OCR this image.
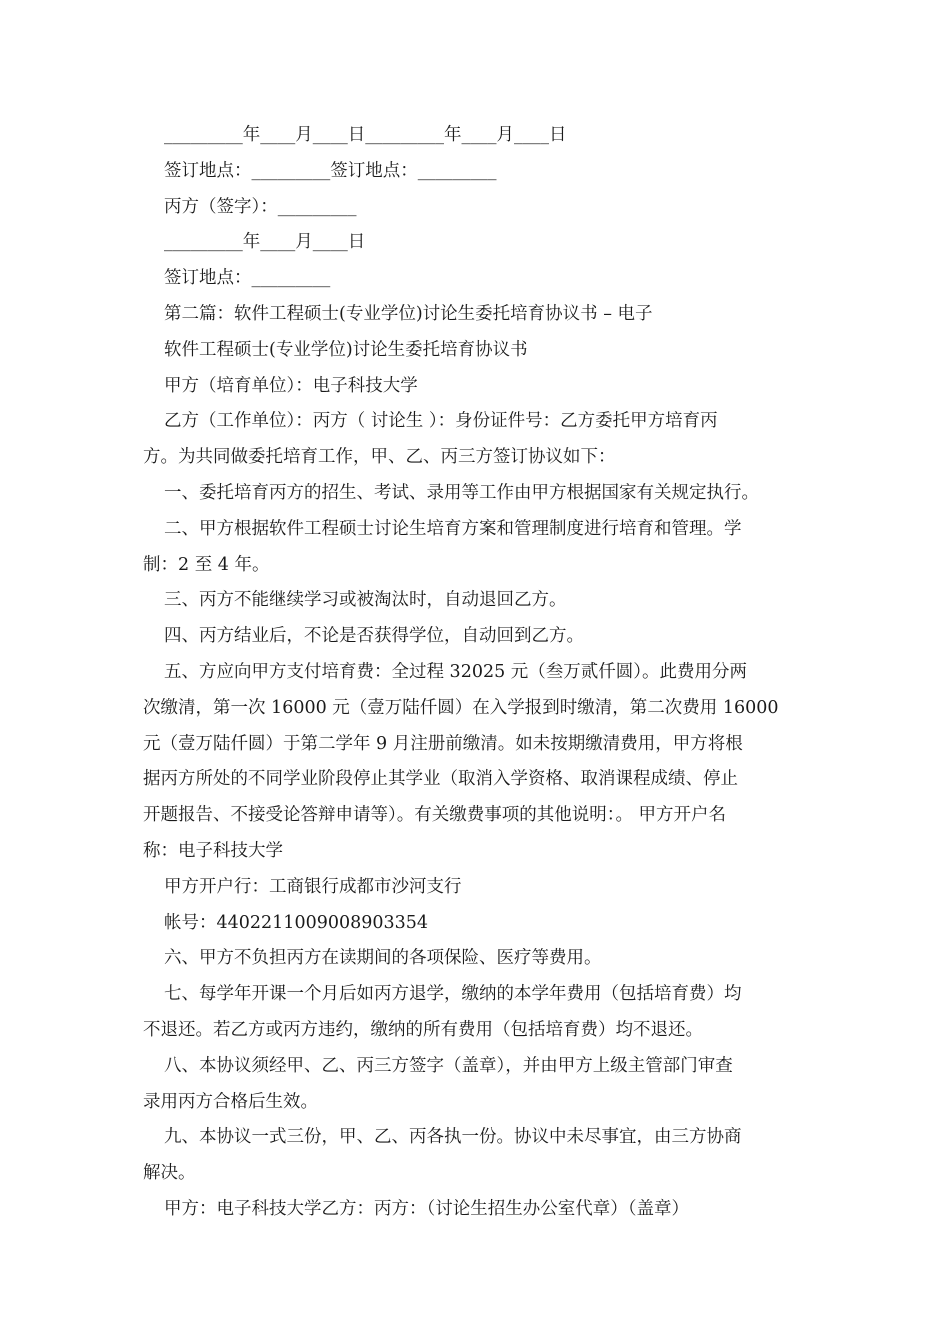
_________年____月____日_________年____月____日
签订地点：_________签订地点：_________
丙方（签字）：_________
_________年____月____日
签订地点：_________
第二篇：软件工程硕士(专业学位)讨论生委托培育协议书 – 电子
软件工程硕士(专业学位)讨论生委托培育协议书
甲方（培育单位）：电子科技大学
乙方（工作单位）：丙方（ 讨论生 ）：身份证件号：乙方委托甲方培育丙
方。为共同做委托培育工作，甲、乙、丙三方签订协议如下：
一、委托培育丙方的招生、考试、录用等工作由甲方根据国家有关规定执行。
二、甲方根据软件工程硕士讨论生培育方案和管理制度进行培育和管理。学
制：2 至 4 年。
三、丙方不能继续学习或被淘汰时，自动退回乙方。
四、丙方结业后，不论是否获得学位，自动回到乙方。
五、方应向甲方支付培育费：全过程 32025 元（叁万贰仟圆）。此费用分两
次缴清，第一次 16000 元（壹万陆仟圆）在入学报到时缴清，第二次费用 16000
元（壹万陆仟圆）于第二学年 9 月注册前缴清。如未按期缴清费用，甲方将根
据丙方所处的不同学业阶段停止其学业（取消入学资格、取消课程成绩、停止
开题报告、不接受论答辩申请等）。有关缴费事项的其他说明：。 甲方开户名
称：电子科技大学
甲方开户行：工商银行成都市沙河支行
帐号：4402211009008903354
六、甲方不负担丙方在读期间的各项保险、医疗等费用。
七、每学年开课一个月后如丙方退学，缴纳的本学年费用（包括培育费）均
不退还。若乙方或丙方违约，缴纳的所有费用（包括培育费）均不退还。
八、本协议须经甲、乙、丙三方签字（盖章），并由甲方上级主管部门审查
录用丙方合格后生效。
九、本协议一式三份，甲、乙、丙各执一份。协议中未尽事宜，由三方协商
解决。
甲方：电子科技大学乙方：丙方：（讨论生招生办公室代章）（盖章）
